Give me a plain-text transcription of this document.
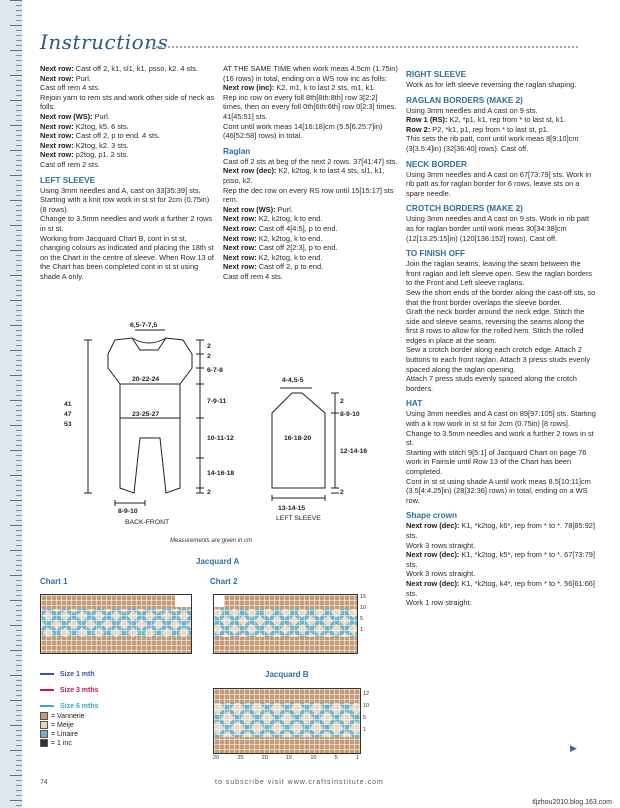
Instructions

Next row: Cast off 2, k1, sl1, k1, psso, k2. 4 sts.

Next row: Purl.

Cast off rem 4 sts.

Rejoin yarn to rem sts and work other side of neck as folls:

Next row (WS): Purl.

Next row: K2tog, k5. 6 sts.

Next row: Cast off 2, p to end. 4 sts.

Next row: K2tog, k2. 3 sts.

Next row: p2tog, p1. 2 sts.

Cast off rem 2 sts.

LEFT SLEEVE

Using 3mm needles and A, cast on 33[35:39] sts. Starting with a knit row work in st st for 2cm (0.75in) (8 rows).

Change to 3.5mm needles and work a further 2 rows in st st.

Working from Jacquard Chart B, cont in st st, changing colours as indicated and placing the 18th st on the Chart in the centre of sleeve. When Row 13 of the Chart has been completed cont in st st using shade A only.

AT THE SAME TIME when work meas 4.5cm (1.75in) (16 rows) in total, ending on a WS row inc as folls:

Next row (inc): K2, m1, k to last 2 sts, m1, k1.

Rep inc row on every foll 8th[8th:8th] row 3[2:2] times, then on every foll 0th[6th:6th] row 0[2:3] times. 41[45:51] sts.

Cont until work meas 14[16:18]cm (5.5[6.25:7]in) (46[52:58] rows) in total.

Raglan

Cast off 2 sts at beg of the next 2 rows. 37[41:47] sts.

Next row (dec): K2, k2tog, k to last 4 sts, sl1, k1, psso, k2.

Rep the dec row on every RS row until 15[15:17] sts rem.

Next row (WS): Purl.

Next row: K2, k2tog, k to end.

Next row: Cast off 4[4:5], p to end.

Next row: K2, k2tog, k to end.

Next row: Cast off 2[2:3], p to end.

Next row: K2, k2tog, k to end.

Next row: Cast off 2, p to end.

Cast off rem 4 sts.

RIGHT SLEEVE

Work as for left sleeve reversing the raglan shaping.

RAGLAN BORDERS (MAKE 2)

Using 3mm needles and A cast on 9 sts.

Row 1 (RS): K2, *p1, k1, rep from * to last st, k1.

Row 2: P2, *k1, p1, rep from * to last st, p1.

This sets the rib patt, cont until work meas 8[9:10]cm (3[3.5:4]in) (32[36:40] rows). Cast off.

NECK BORDER

Using 3mm needles and A cast on 67[73:79] sts. Work in rib patt as for raglan border for 6 rows, leave sts on a spare needle.

CROTCH BORDERS (MAKE 2)

Using 3mm needles and A cast on 9 sts. Work in rib patt as for raglan border until work meas 30[34:38]cm (12[13.25:15]in) (120[136:152] rows). Cast off.

TO FINISH OFF

Join the raglan seams, leaving the seam between the front raglan and left sleeve open. Sew the raglan borders to the Front and Left sleeve raglans.

Sew the short ends of the border along the cast-off sts, so that the front border overlaps the sleeve border.

Graft the neck border around the neck edge. Stitch the side and sleeve seams, reversing the seams along the first 8 rows to allow for the rolled hem. Stitch the rolled edges in place at the seam.

Sew a crotch border along each crotch edge. Attach 2 buttons to each front raglan. Attach 3 press studs evenly spaced along the raglan opening.

Attach 7 press studs evenly spaced along the crotch borders.

HAT

Using 3mm needles and A cast on 89[97:105] sts. Starting with a k row work in st st for 2cm (0.75in) [8 rows].

Change to 3.5mm needles and work a further 2 rows in st st.

Starting with stitch 9[5:1] of Jacquard Chart on page 76 work in Fairisle until Row 13 of the Chart has been completed.

Cont in st st using shade A until work meas 8.5[10:11]cm (3.5[4:4.25]in) (28[32:36] rows) in total, ending on a WS row.

Shape crown

Next row (dec): K1, *k2tog, k6*, rep from * to *. 78[85:92] sts.

Work 3 rows straight.

Next row (dec): K1, *k2tog, k5*, rep from * to *. 67[73:79] sts.

Work 3 rows straight.

Next row (dec): K1, *k2tog, k4*, rep from * to *. 56[61:66] sts.

Work 1 row straight.

6,5-7-7,5
2
2
6-7-8
20-22-24
7-9-11
23-25-27
10-11-12
14-16-18
2
41
47
53
8-9-10
BACK-FRONT
4-4,5-5
2
8-9-10
16-18-20
12-14-16
2
13-14-15
LEFT SLEEVE
Measurements are given in cm
Jacquard A
Chart 1	Chart 2
15
10
5
1
Size 1 mth
Size 3 mths
Size 6 mths
= Vannerie
= Meije
= Linaire
= 1 inc
Jacquard B
12
10
5
1
20	25	20	15	10	5	1
▶
74	to subscribe visit www.craftsinstitute.com
tljzhou2010.blog.163.com
